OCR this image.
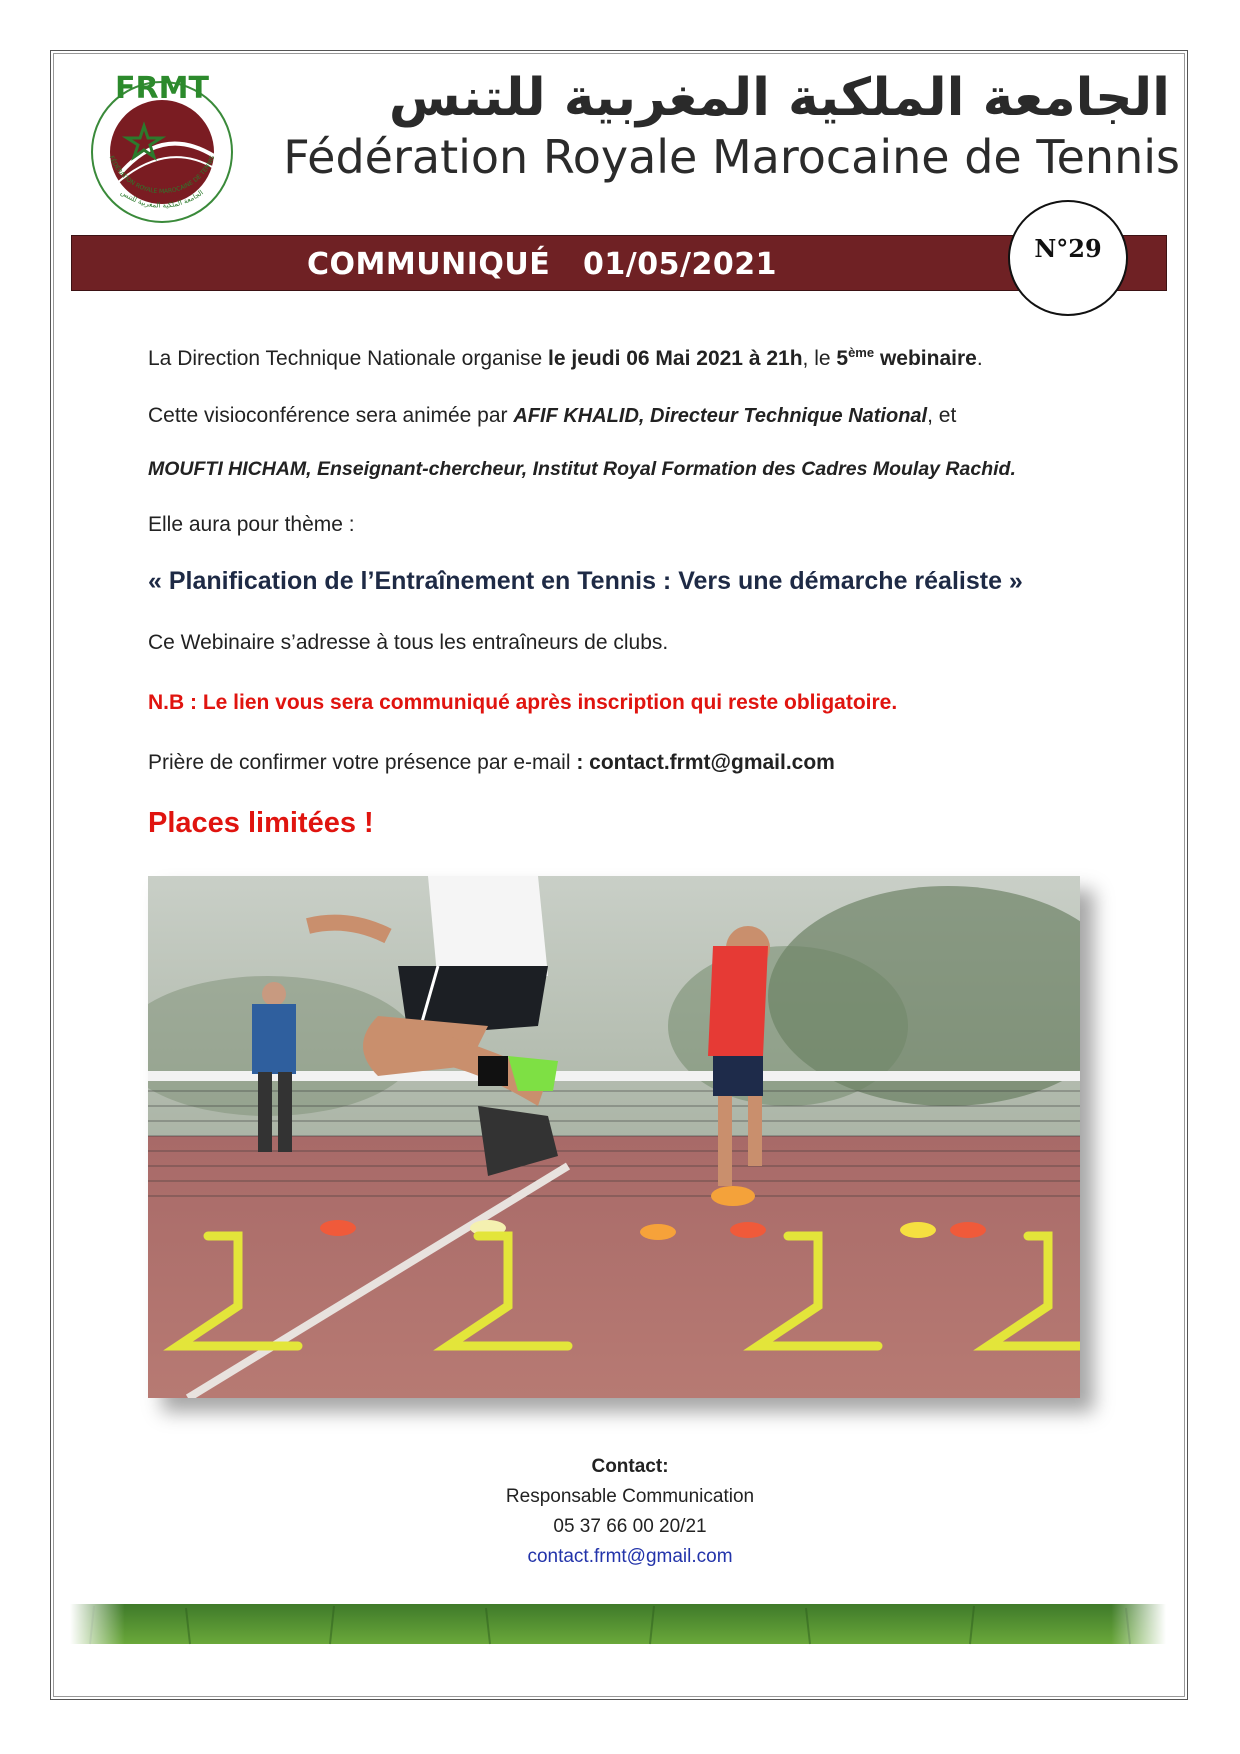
FRMT
FÉDÉRATION ROYALE MAROCAINE DE TENNIS
الجامعة الملكية المغربية للتنس
الجامعة الملكية المغربية للتنس
Fédération Royale Marocaine de Tennis
COMMUNIQUÉ   01/05/2021	N°29
La Direction Technique Nationale organise le jeudi 06 Mai 2021 à 21h, le 5ème webinaire.
Cette visioconférence sera animée par AFIF KHALID, Directeur Technique National, et
MOUFTI HICHAM, Enseignant-chercheur, Institut Royal Formation des Cadres Moulay Rachid.
Elle aura pour thème :
« Planification de l’Entraînement en Tennis : Vers une démarche réaliste »
Ce Webinaire s’adresse à tous les entraîneurs de clubs.
N.B : Le lien vous sera communiqué après inscription qui reste obligatoire.
Prière de confirmer votre présence par e-mail : contact.frmt@gmail.com
Places limitées !
Contact:
Responsable Communication
05 37 66 00 20/21
contact.frmt@gmail.com
